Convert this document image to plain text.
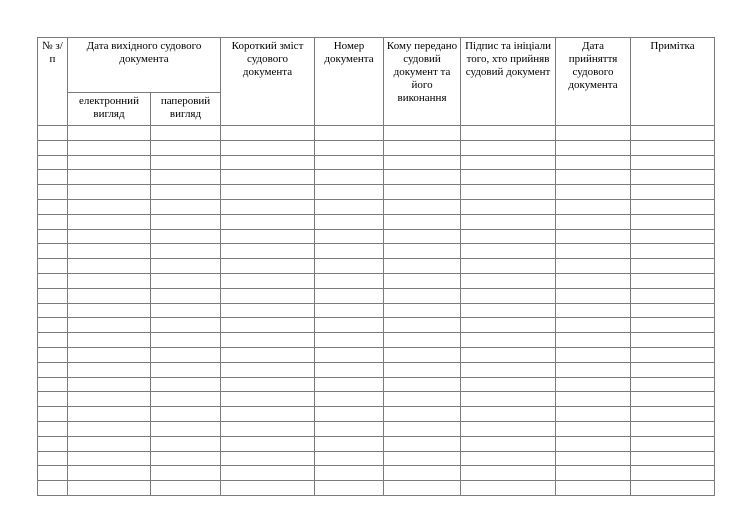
№ з/п	Дата вихідного судового документа		Короткий зміст судового документа	Номер документа	Кому передано судовий документ та його виконання	Підпис та ініціали того, хто прийняв судовий документ	Дата прийняття судового документа	Примітка
	електронний вигляд	паперовий вигляд						
